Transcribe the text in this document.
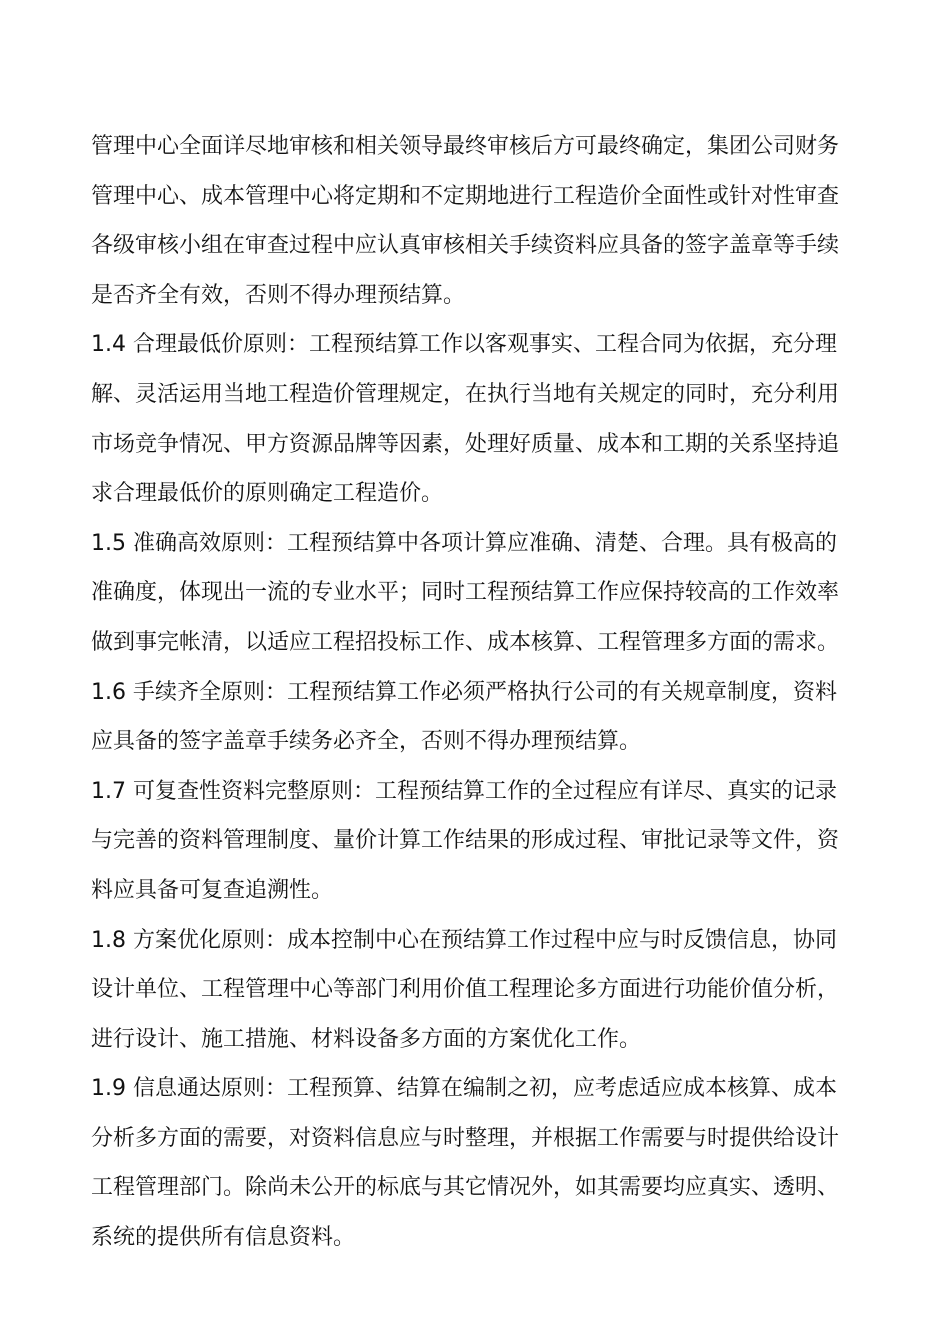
管理中心全面详尽地审核和相关领导最终审核后方可最终确定，集团公司财务
管理中心、成本管理中心将定期和不定期地进行工程造价全面性或针对性审查
各级审核小组在审查过程中应认真审核相关手续资料应具备的签字盖章等手续
是否齐全有效，否则不得办理预结算。
1.4 合理最低价原则：工程预结算工作以客观事实、工程合同为依据，充分理
解、灵活运用当地工程造价管理规定，在执行当地有关规定的同时，充分利用
市场竞争情况、甲方资源品牌等因素，处理好质量、成本和工期的关系坚持追
求合理最低价的原则确定工程造价。
1.5 准确高效原则：工程预结算中各项计算应准确、清楚、合理。具有极高的
准确度，体现出一流的专业水平；同时工程预结算工作应保持较高的工作效率
做到事完帐清，以适应工程招投标工作、成本核算、工程管理多方面的需求。
1.6 手续齐全原则：工程预结算工作必须严格执行公司的有关规章制度，资料
应具备的签字盖章手续务必齐全，否则不得办理预结算。
1.7 可复查性资料完整原则：工程预结算工作的全过程应有详尽、真实的记录
与完善的资料管理制度、量价计算工作结果的形成过程、审批记录等文件，资
料应具备可复查追溯性。
1.8 方案优化原则：成本控制中心在预结算工作过程中应与时反馈信息，协同
设计单位、工程管理中心等部门利用价值工程理论多方面进行功能价值分析，
进行设计、施工措施、材料设备多方面的方案优化工作。
1.9 信息通达原则：工程预算、结算在编制之初，应考虑适应成本核算、成本
分析多方面的需要，对资料信息应与时整理，并根据工作需要与时提供给设计
工程管理部门。除尚未公开的标底与其它情况外，如其需要均应真实、透明、
系统的提供所有信息资料。
